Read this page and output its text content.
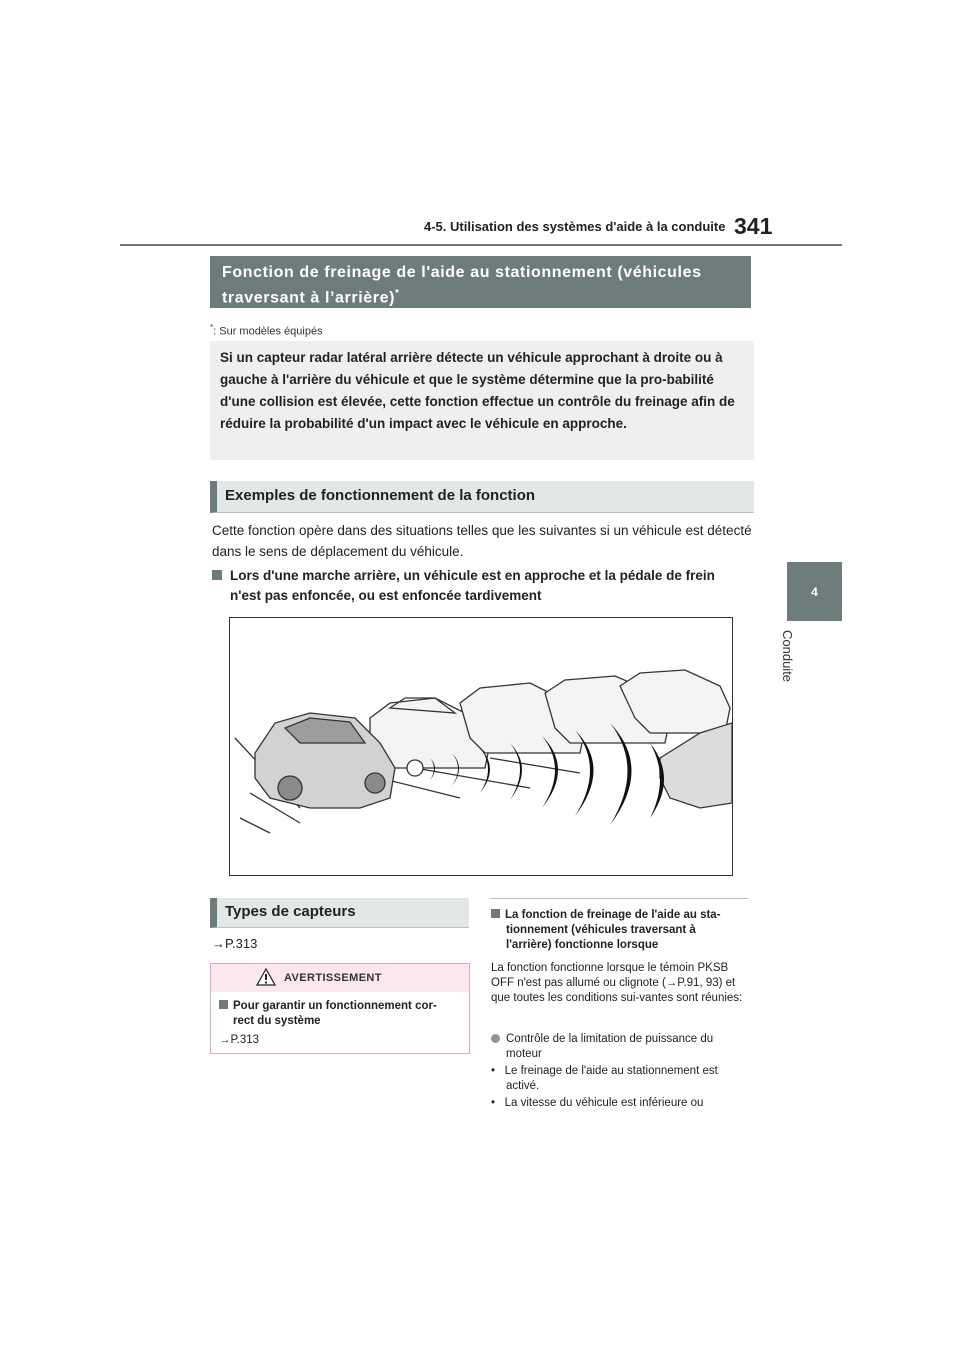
4-5. Utilisation des systèmes d'aide à la conduite 341
4
Conduite
Fonction de freinage de l'aide au stationnement (véhicules
traversant à l’arrière)*
*: Sur modèles équipés
Si un capteur radar latéral arrière détecte un véhicule approchant à droite ou à gauche à l'arrière du véhicule et que le système détermine que la pro-babilité d'une collision est élevée, cette fonction effectue un contrôle du freinage afin de réduire la probabilité d'un impact avec le véhicule en approche.
Exemples de fonctionnement de la fonction
Cette fonction opère dans des situations telles que les suivantes si un véhicule est détecté dans le sens de déplacement du véhicule.
Lors d'une marche arrière, un véhicule est en approche et la pédale de frein
n'est pas enfoncée, ou est enfoncée tardivement
Types de capteurs
→P.313
AVERTISSEMENT
Pour garantir un fonctionnement cor-
rect du système
→P.313
La fonction de freinage de l'aide au sta-
tionnement (véhicules traversant à
l'arrière) fonctionne lorsque
La fonction fonctionne lorsque le témoin PKSB OFF n'est pas allumé ou clignote (→P.91, 93) et que toutes les conditions sui-vantes sont réunies:
Contrôle de la limitation de puissance du
moteur
• Le freinage de l'aide au stationnement est
activé.
• La vitesse du véhicule est inférieure ou
